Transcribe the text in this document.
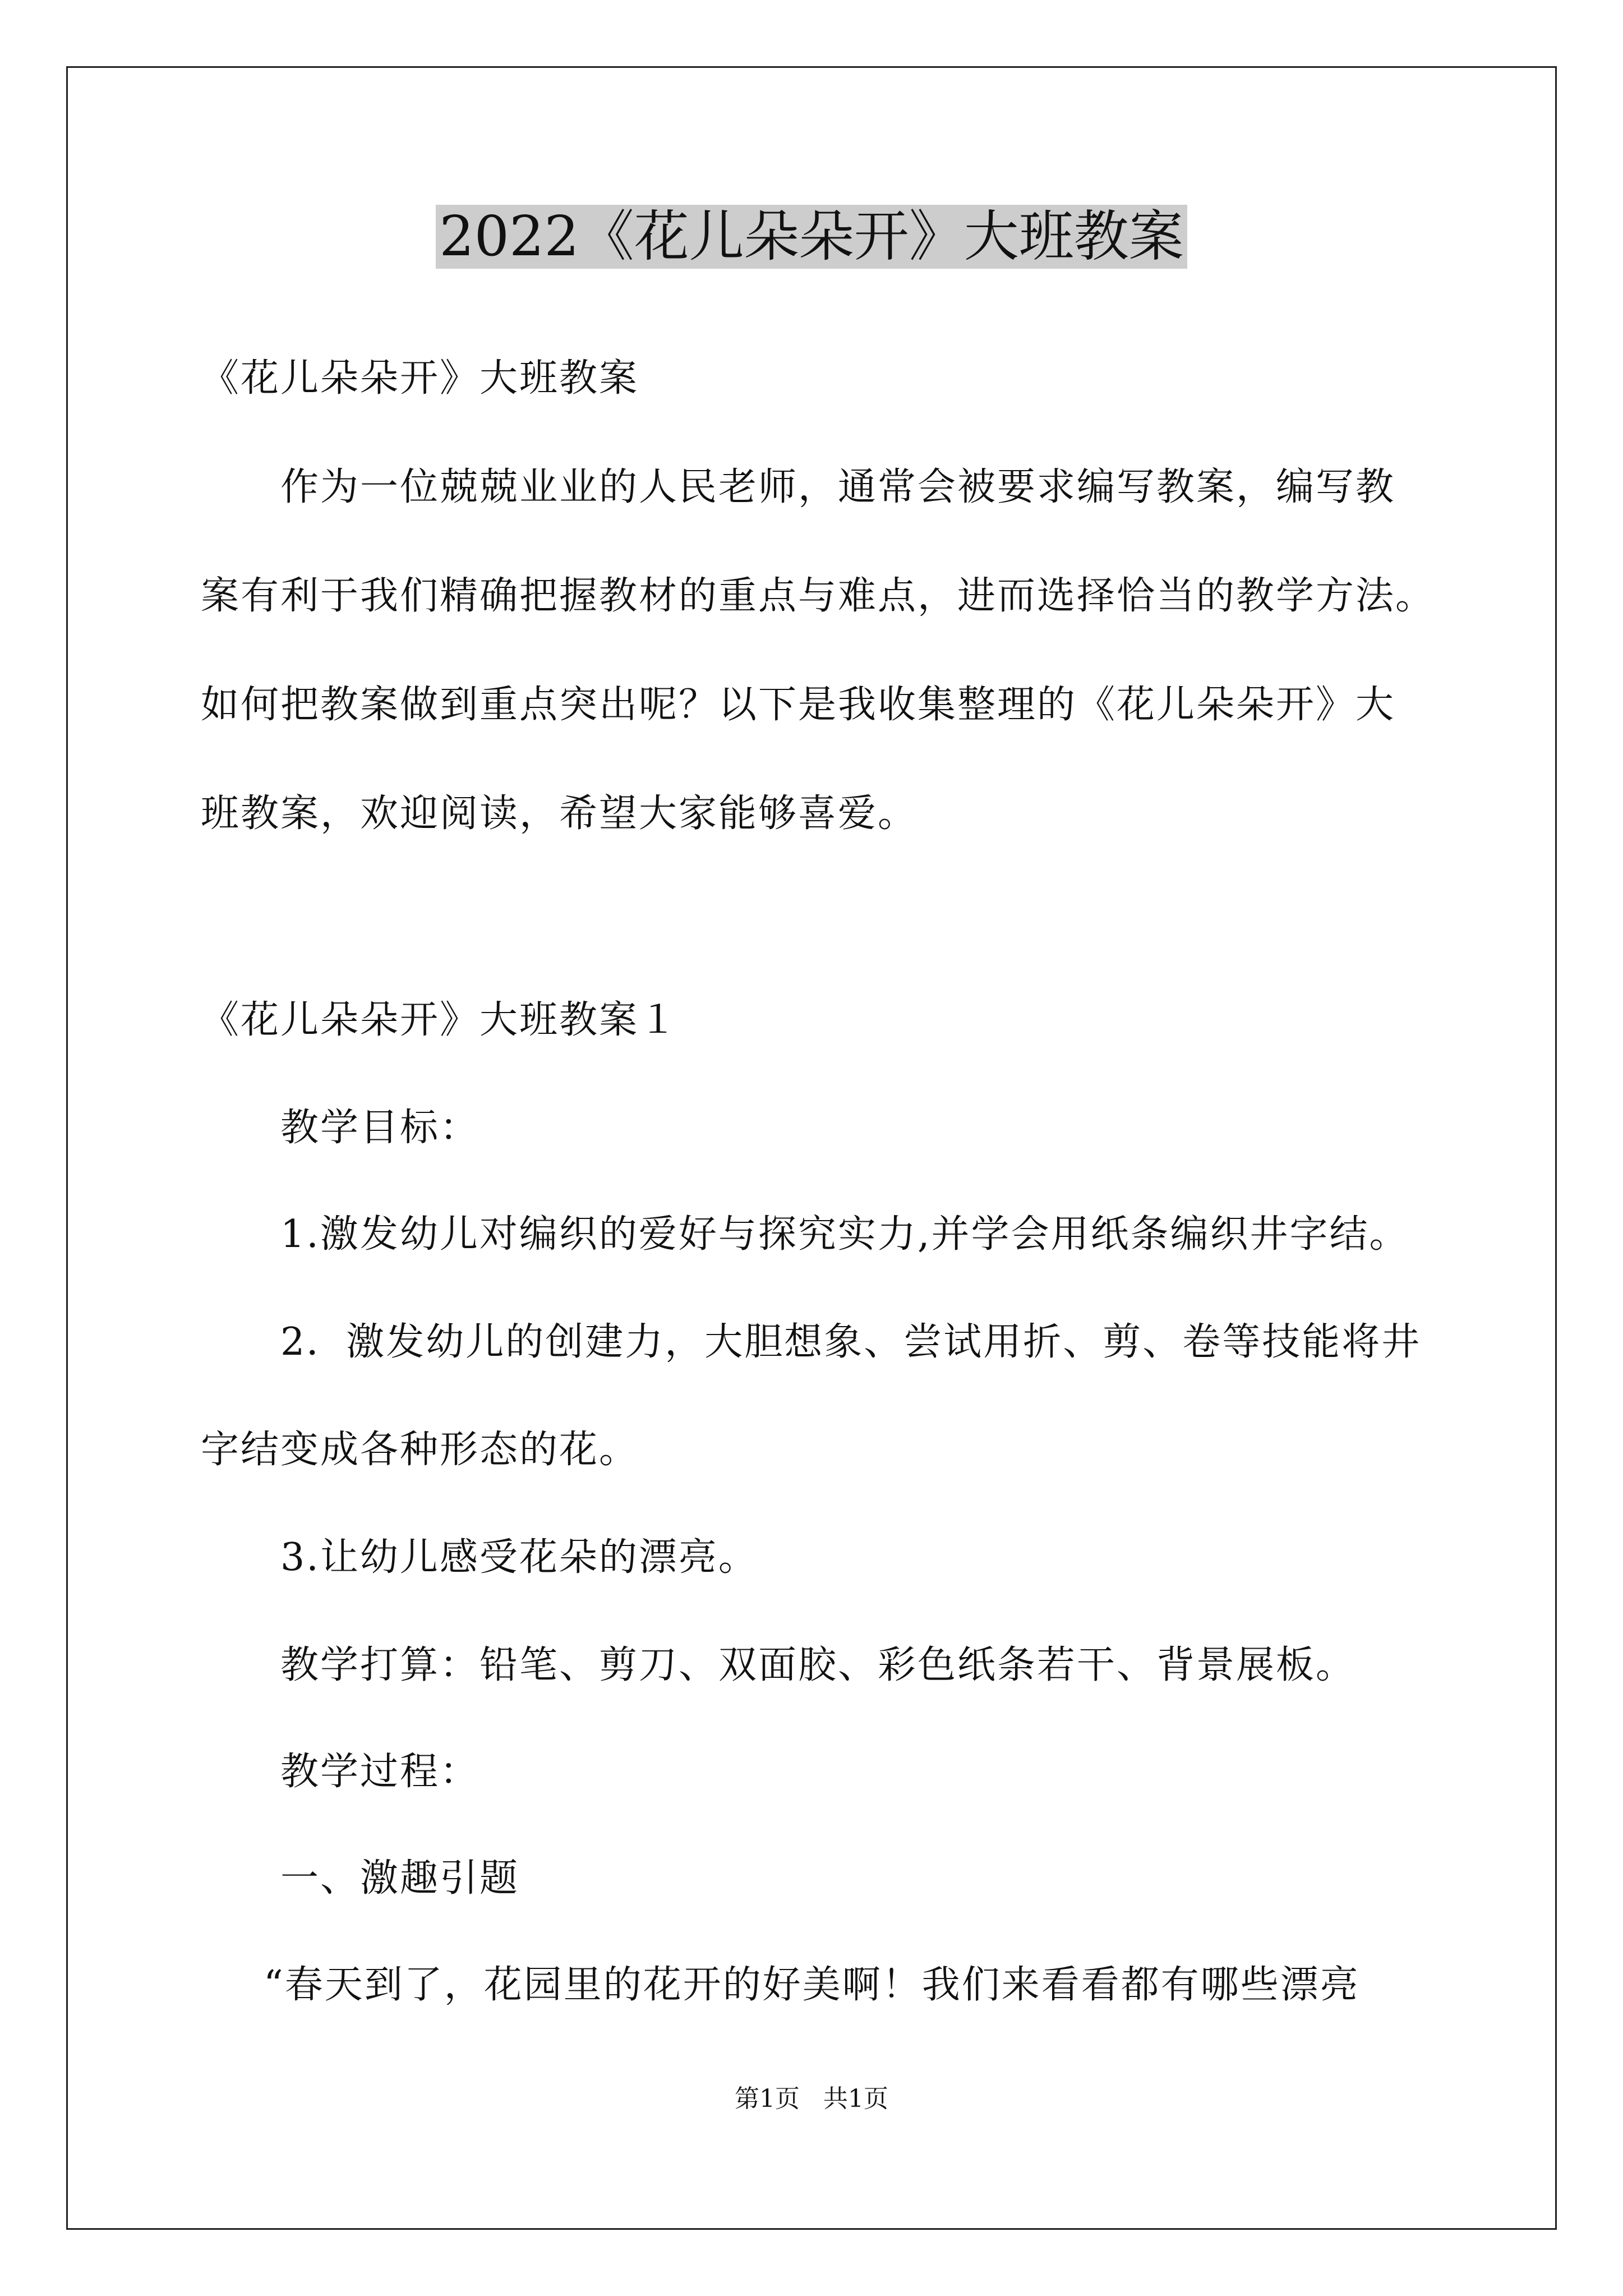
2022《花儿朵朵开》大班教案
《花儿朵朵开》大班教案
作为一位兢兢业业的人民老师，通常会被要求编写教案，编写教
案有利于我们精确把握教材的重点与难点，进而选择恰当的教学方法。
如何把教案做到重点突出呢？以下是我收集整理的《花儿朵朵开》大
班教案，欢迎阅读，希望大家能够喜爱。
《花儿朵朵开》大班教案１
教学目标：
1.激发幼儿对编织的爱好与探究实力,并学会用纸条编织井字结。
2．激发幼儿的创建力，大胆想象、尝试用折、剪、卷等技能将井
字结变成各种形态的花。
3.让幼儿感受花朵的漂亮。
教学打算：铅笔、剪刀、双面胶、彩色纸条若干、背景展板。
教学过程：
一、激趣引题
“春天到了，花园里的花开的好美啊！我们来看看都有哪些漂亮
第1页   共1页
